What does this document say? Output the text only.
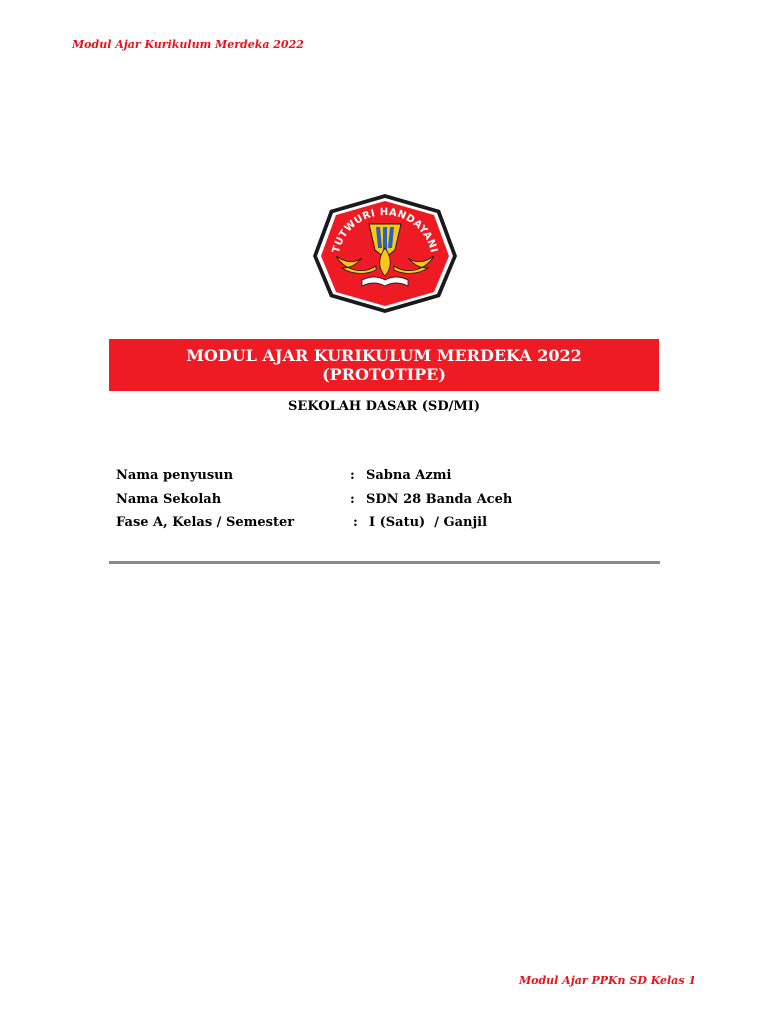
Modul Ajar Kurikulum Merdeka 2022
TUTWURI HANDAYANI
MODUL AJAR KURIKULUM MERDEKA 2022
(PROTOTIPE)
SEKOLAH DASAR (SD/MI)
Nama penyusun	: Sabna Azmi
Nama Sekolah	: SDN 28 Banda Aceh
Fase A, Kelas / Semester	: I (Satu)  / Ganjil
Modul Ajar PPKn SD Kelas 1
